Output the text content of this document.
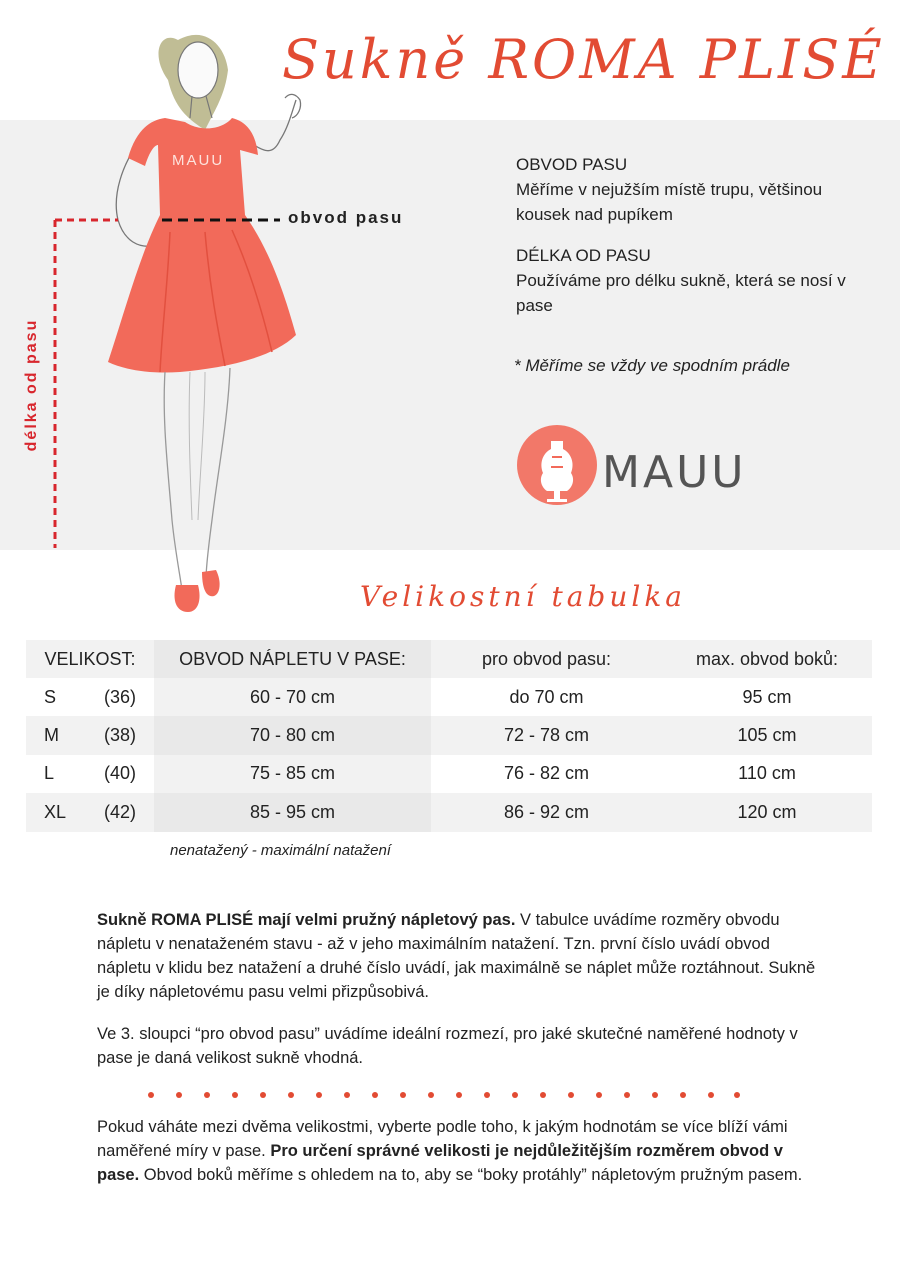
Sukně ROMA PLISÉ
MAUU
obvod pasu
délka od pasu

OBVOD PASU
Měříme v nejužším místě trupu, většinou kousek nad pupíkem

DÉLKA OD PASU
Používáme pro délku sukně, která se nosí v pase

* Měříme se vždy ve spodním prádle
MAUU
Velikostní tabulka
VELIKOST:	OBVOD NÁPLETU V PASE:	pro obvod pasu:	max. obvod boků:
S (36)	60 - 70 cm	do 70 cm	95 cm
M (38)	70 - 80 cm	72 - 78 cm	105 cm
L (40)	75 - 85 cm	76 - 82 cm	110 cm
XL (42)	85 - 95 cm	86 - 92 cm	120 cm
nenatažený - maximální natažení
Sukně ROMA PLISÉ mají velmi pružný nápletový pas. V tabulce uvádíme rozměry obvodu nápletu v nenataženém stavu - až v jeho maximálním natažení. Tzn. první číslo uvádí obvod nápletu v klidu bez natažení a druhé číslo uvádí, jak maximálně se náplet může roztáhnout. Sukně je díky nápletovému pasu velmi přizpůsobivá.
Ve 3. sloupci “pro obvod pasu” uvádíme ideální rozmezí, pro jaké skutečné naměřené hodnoty v pase je daná velikost sukně vhodná.
Pokud váháte mezi dvěma velikostmi, vyberte podle toho, k jakým hodnotám se více blíží vámi naměřené míry v pase. Pro určení správné velikosti je nejdůležitějším rozměrem obvod v pase. Obvod boků měříme s ohledem na to, aby se “boky protáhly” nápletovým pružným pasem.
